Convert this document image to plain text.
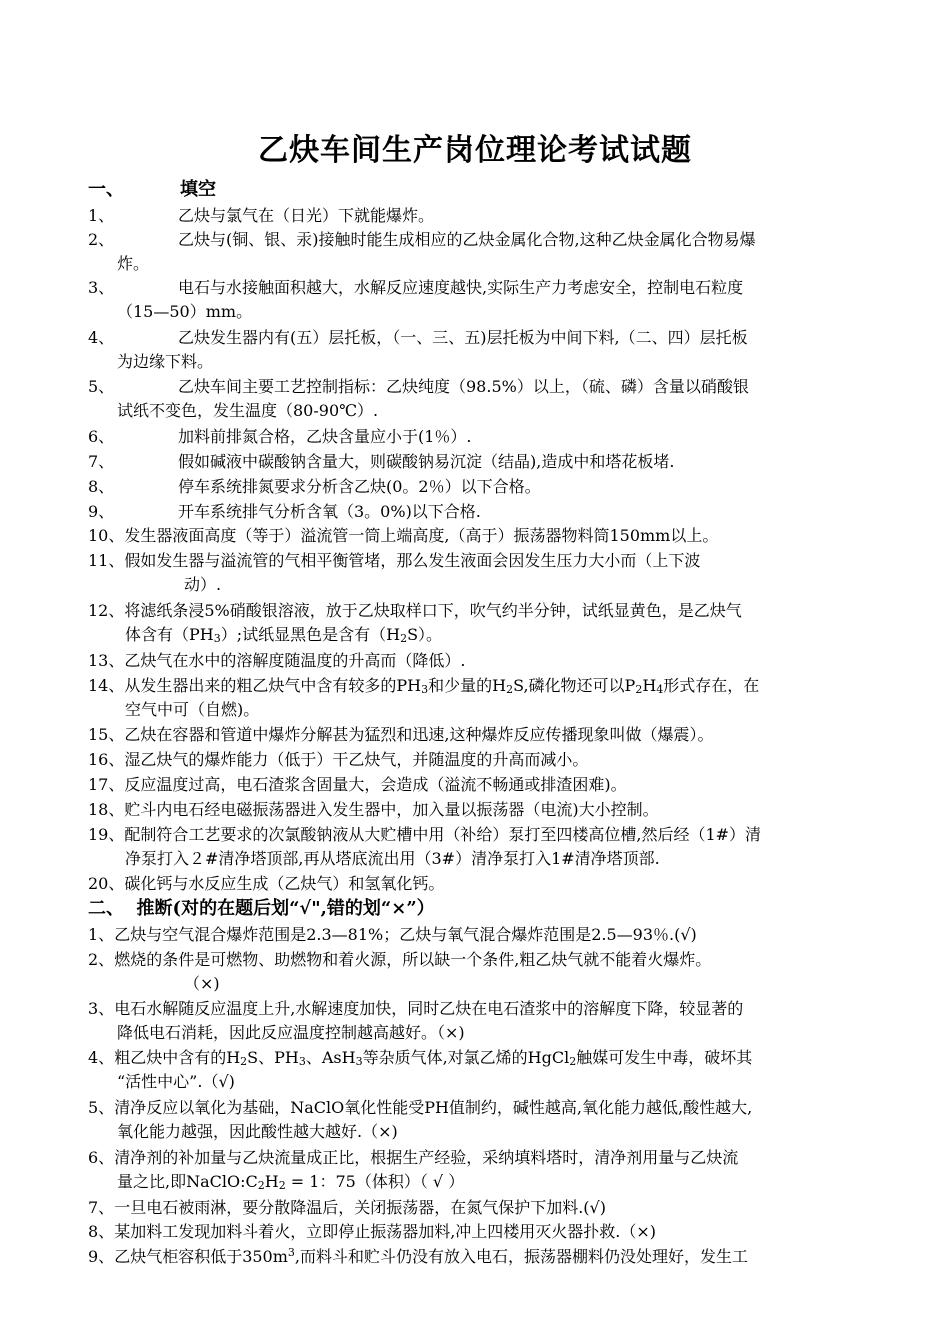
乙炔车间生产岗位理论考试试题
一、	填空
1、	乙炔与氯气在（日光）下就能爆炸。
2、	乙炔与(铜、银、汞)接触时能生成相应的乙炔金属化合物,这种乙炔金属化合物易爆
炸。
3、	电石与水接触面积越大，水解反应速度越快,实际生产力考虑安全，控制电石粒度
（15—50）mm。
4、	乙炔发生器内有(五）层托板，（一、三、五)层托板为中间下料,（二、四）层托板
为边缘下料。
5、	乙炔车间主要工艺控制指标：乙炔纯度（98.5%）以上，（硫、磷）含量以硝酸银
试纸不变色，发生温度（80-90℃）.
6、	加料前排氮合格，乙炔含量应小于(1％）.
7、	假如碱液中碳酸钠含量大，则碳酸钠易沉淀（结晶),造成中和塔花板堵.
8、	停车系统排氮要求分析含乙炔(0。2％）以下合格。
9、	开车系统排气分析含氧（3。0%)以下合格.
10、发生器液面高度（等于）溢流管一筒上端高度,（高于）振荡器物料筒150mm以上。
11、假如发生器与溢流管的气相平衡管堵，那么发生液面会因发生压力大小而（上下波
动）.
12、将滤纸条浸5%硝酸银溶液，放于乙炔取样口下，吹气约半分钟，试纸显黄色，是乙炔气
体含有$(PH_3)$;试纸显黑色是含有$(H_2S)$。
13、乙炔气在水中的溶解度随温度的升高而（降低）.
14、从发生器出来的粗乙炔气中含有较多的$PH_3$和少量的$H_2S$,磷化物还可以$P_2H_4$形式存在，在
空气中可（自燃)。
15、乙炔在容器和管道中爆炸分解甚为猛烈和迅速,这种爆炸反应传播现象叫做（爆震）。
16、湿乙炔气的爆炸能力（低于）干乙炔气，并随温度的升高而减小。
17、反应温度过高，电石渣浆含固量大，会造成（溢流不畅通或排渣困难)。
18、贮斗内电石经电磁振荡器进入发生器中，加入量以振荡器（电流)大小控制。
19、配制符合工艺要求的次氯酸钠液从大贮槽中用（补给）泵打至四楼高位槽,然后经（1#）清
净泵打入２#清净塔顶部,再从塔底流出用（3#）清净泵打入1#清净塔顶部.
20、碳化钙与水反应生成（乙炔气）和氢氧化钙。
二、 推断(对的在题后划“√",错的划“×”）
1、乙炔与空气混合爆炸范围是2.3—81%；乙炔与氧气混合爆炸范围是2.5—93％.(√)
2、燃烧的条件是可燃物、助燃物和着火源，所以缺一个条件,粗乙炔气就不能着火爆炸。
（×)
3、电石水解随反应温度上升,水解速度加快，同时乙炔在电石渣浆中的溶解度下降，较显著的
降低电石消耗，因此反应温度控制越高越好。（×)
4、粗乙炔中含有的$H_2S$、$PH_3$、AsH$_3$等杂质气体,对氯乙烯的HgCl$_2$触媒可发生中毒，破坏其
“活性中心”.（√)
5、清净反应以氧化为基础，NaClO氧化性能受PH值制约，碱性越高,氧化能力越低,酸性越大,
氧化能力越强，因此酸性越大越好.（×)
6、清净剂的补加量与乙炔流量成正比，根据生产经验，采纳填料塔时，清净剂用量与乙炔流
量之比,即$NaClO:C_2H_2 = 1$：75（体积）（ √ ）
7、一旦电石被雨淋，要分散降温后，关闭振荡器，在氮气保护下加料.(√)
8、某加料工发现加料斗着火，立即停止振荡器加料,冲上四楼用灭火器扑救.（×)
9、乙炔气柜容积低于$350m^3$,而料斗和贮斗仍没有放入电石，振荡器棚料仍没处理好，发生工
